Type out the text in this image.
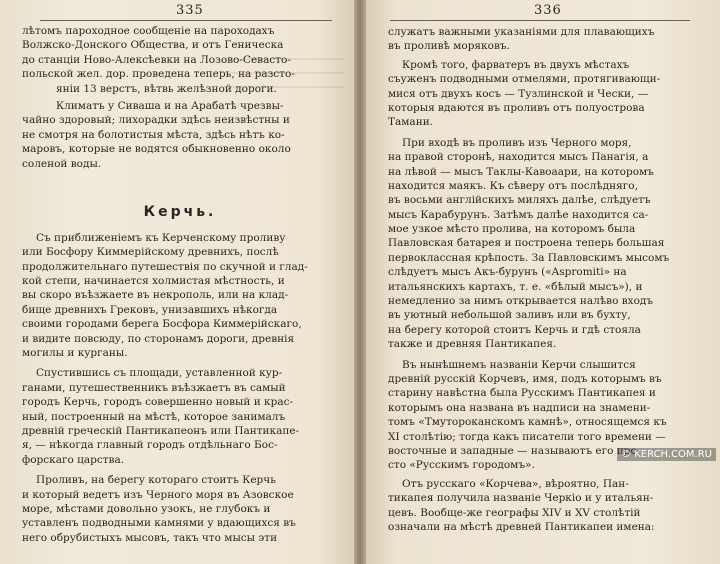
335
лѣтомъ пароходное сообщеніе на пароходахъ
Волжско-Донского Общества, и отъ Геническа
до станціи Ново-Алексѣевки на Лозово-Севасто-
польской жел. дор. проведена теперь, на разсто-
яніи 13 верстъ, вѣтвь желѣзной дороги.
Климатъ у Сиваша и на Арабатѣ чрезвы-
чайно здоровый; лихорадки здѣсь неизвѣстны и
не смотря на болотистыя мѣста, здѣсь нѣтъ ко-
маровъ, которые не водятся обыкновенно около
соленой воды.
Съ приближеніемъ къ Керченскому проливу
или Босфору Киммерійскому древнихъ, послѣ
продолжительнаго путешествія по скучной и глад-
кой степи, начинается холмистая мѣстность, и
вы скоро въѣзжаете въ некрополь, или на клад-
бище древнихъ Грековъ, унизавшихъ нѣкогда
своими городами берега Босфора Киммерійскаго,
и видите повсюду, по сторонамъ дороги, древнія
могилы и курганы.
Спустившись съ площади, уставленной кур-
ганами, путешественникъ въѣзжаетъ въ самый
городъ Керчь, городъ совершенно новый и крас-
ный, построенный на мѣстѣ, которое занималъ
древній греческій Пантикапеонъ или Пантикапе-
я, — нѣкогда главный городъ отдѣльнаго Бос-
форскаго царства.
Проливъ, на берегу котораго стоитъ Керчь
и который ведетъ изъ Черного моря въ Азовское
море, мѣстами довольно узокъ, не глубокъ и
уставленъ подводными камнями у вдающихся въ
него обрубистыхъ мысовъ, такъ что мысы эти
Керчь.
336
служатъ важными указаніями для плавающихъ
въ проливѣ моряковъ.
Кромѣ того, фарватеръ въ двухъ мѣстахъ
съуженъ подводными отмелями, протягивающи-
мися отъ двухъ косъ — Тузлинской и Чески, —
которыя вдаются въ проливъ отъ полуострова
Тамани.
При входѣ въ проливъ изъ Черного моря,
на правой сторонѣ, находится мысъ Панагія, а
на лѣвой — мысъ Таклы-Кавоаари, на которомъ
находится маякъ. Къ сѣверу отъ послѣдняго,
въ восьми англійскихъ миляхъ далѣе, слѣдуетъ
мысъ Карабурунъ. Затѣмъ далѣе находится са-
мое узкое мѣсто пролива, на которомъ была
Павловская батарея и построена теперь большая
первоклассная крѣпость. За Павловскимъ мысомъ
слѣдуетъ мысъ Акъ-бурунъ («Aspromiti» на
итальянскихъ картахъ, т. е. «бѣлый мысъ»), и
немедленно за нимъ открывается налѣво входъ
въ уютный небольшой заливъ или въ бухту,
на берегу которой стоитъ Керчь и гдѣ стояла
также и древняя Пантикапея.
Въ нынѣшнемъ названіи Керчи слышится
древній русскій Корчевъ, имя, подъ которымъ въ
старину навѣстна была Русскимъ Пантикапея и
которымъ она названа въ надписи на знамени-
томъ «Тмутороканскомъ камнѣ», относящемся къ
XI столѣтію; тогда какъ писатели того времени —
восточные и западные — называютъ его про-
сто «Русскимъ городомъ».
Отъ русскаго «Корчева», вѣроятно, Пан-
тикапея получила названіе Черкіо и у итальян-
цевъ. Вообще-же географы XIV и XV столѣтій
означали на мѣстѣ древней Пантикапеи имена:
© KERCH.COM.RU
